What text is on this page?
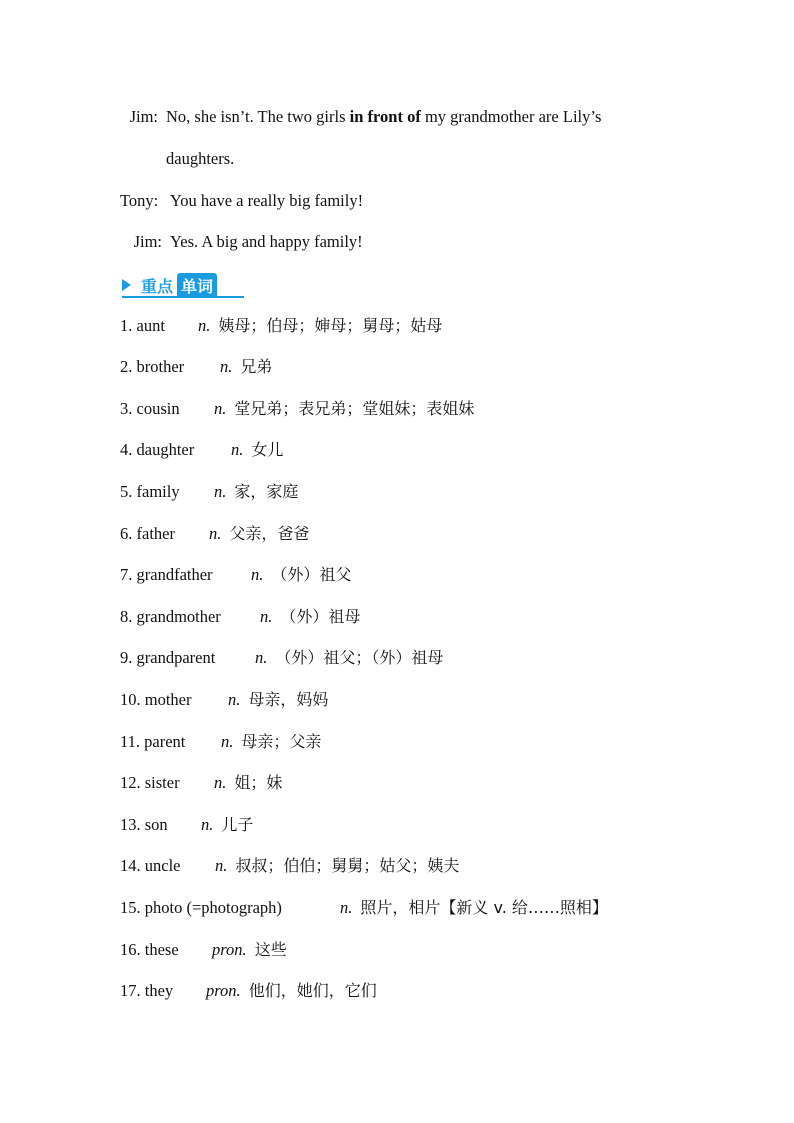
Jim: No, she isn’t. The two girls in front of my grandmother are Lily’s
daughters.
Tony: You have a really big family!
Jim: Yes. A big and happy family!
重点 单词
1. aunt n. 姨母；伯母；婶母；舅母；姑母
2. brother n. 兄弟
3. cousin n. 堂兄弟；表兄弟；堂姐妹；表姐妹
4. daughter n. 女儿
5. family n. 家，家庭
6. father n. 父亲，爸爸
7. grandfather n. （外）祖父
8. grandmother n. （外）祖母
9. grandparent n. （外）祖父；（外）祖母
10. mother n. 母亲，妈妈
11. parent n. 母亲；父亲
12. sister n. 姐；妹
13. son n. 儿子
14. uncle n. 叔叔；伯伯；舅舅；姑父；姨夫
15. photo (=photograph)	n. 照片，相片【新义 v. 给……照相】
16. these pron. 这些
17. they pron. 他们，她们，它们
